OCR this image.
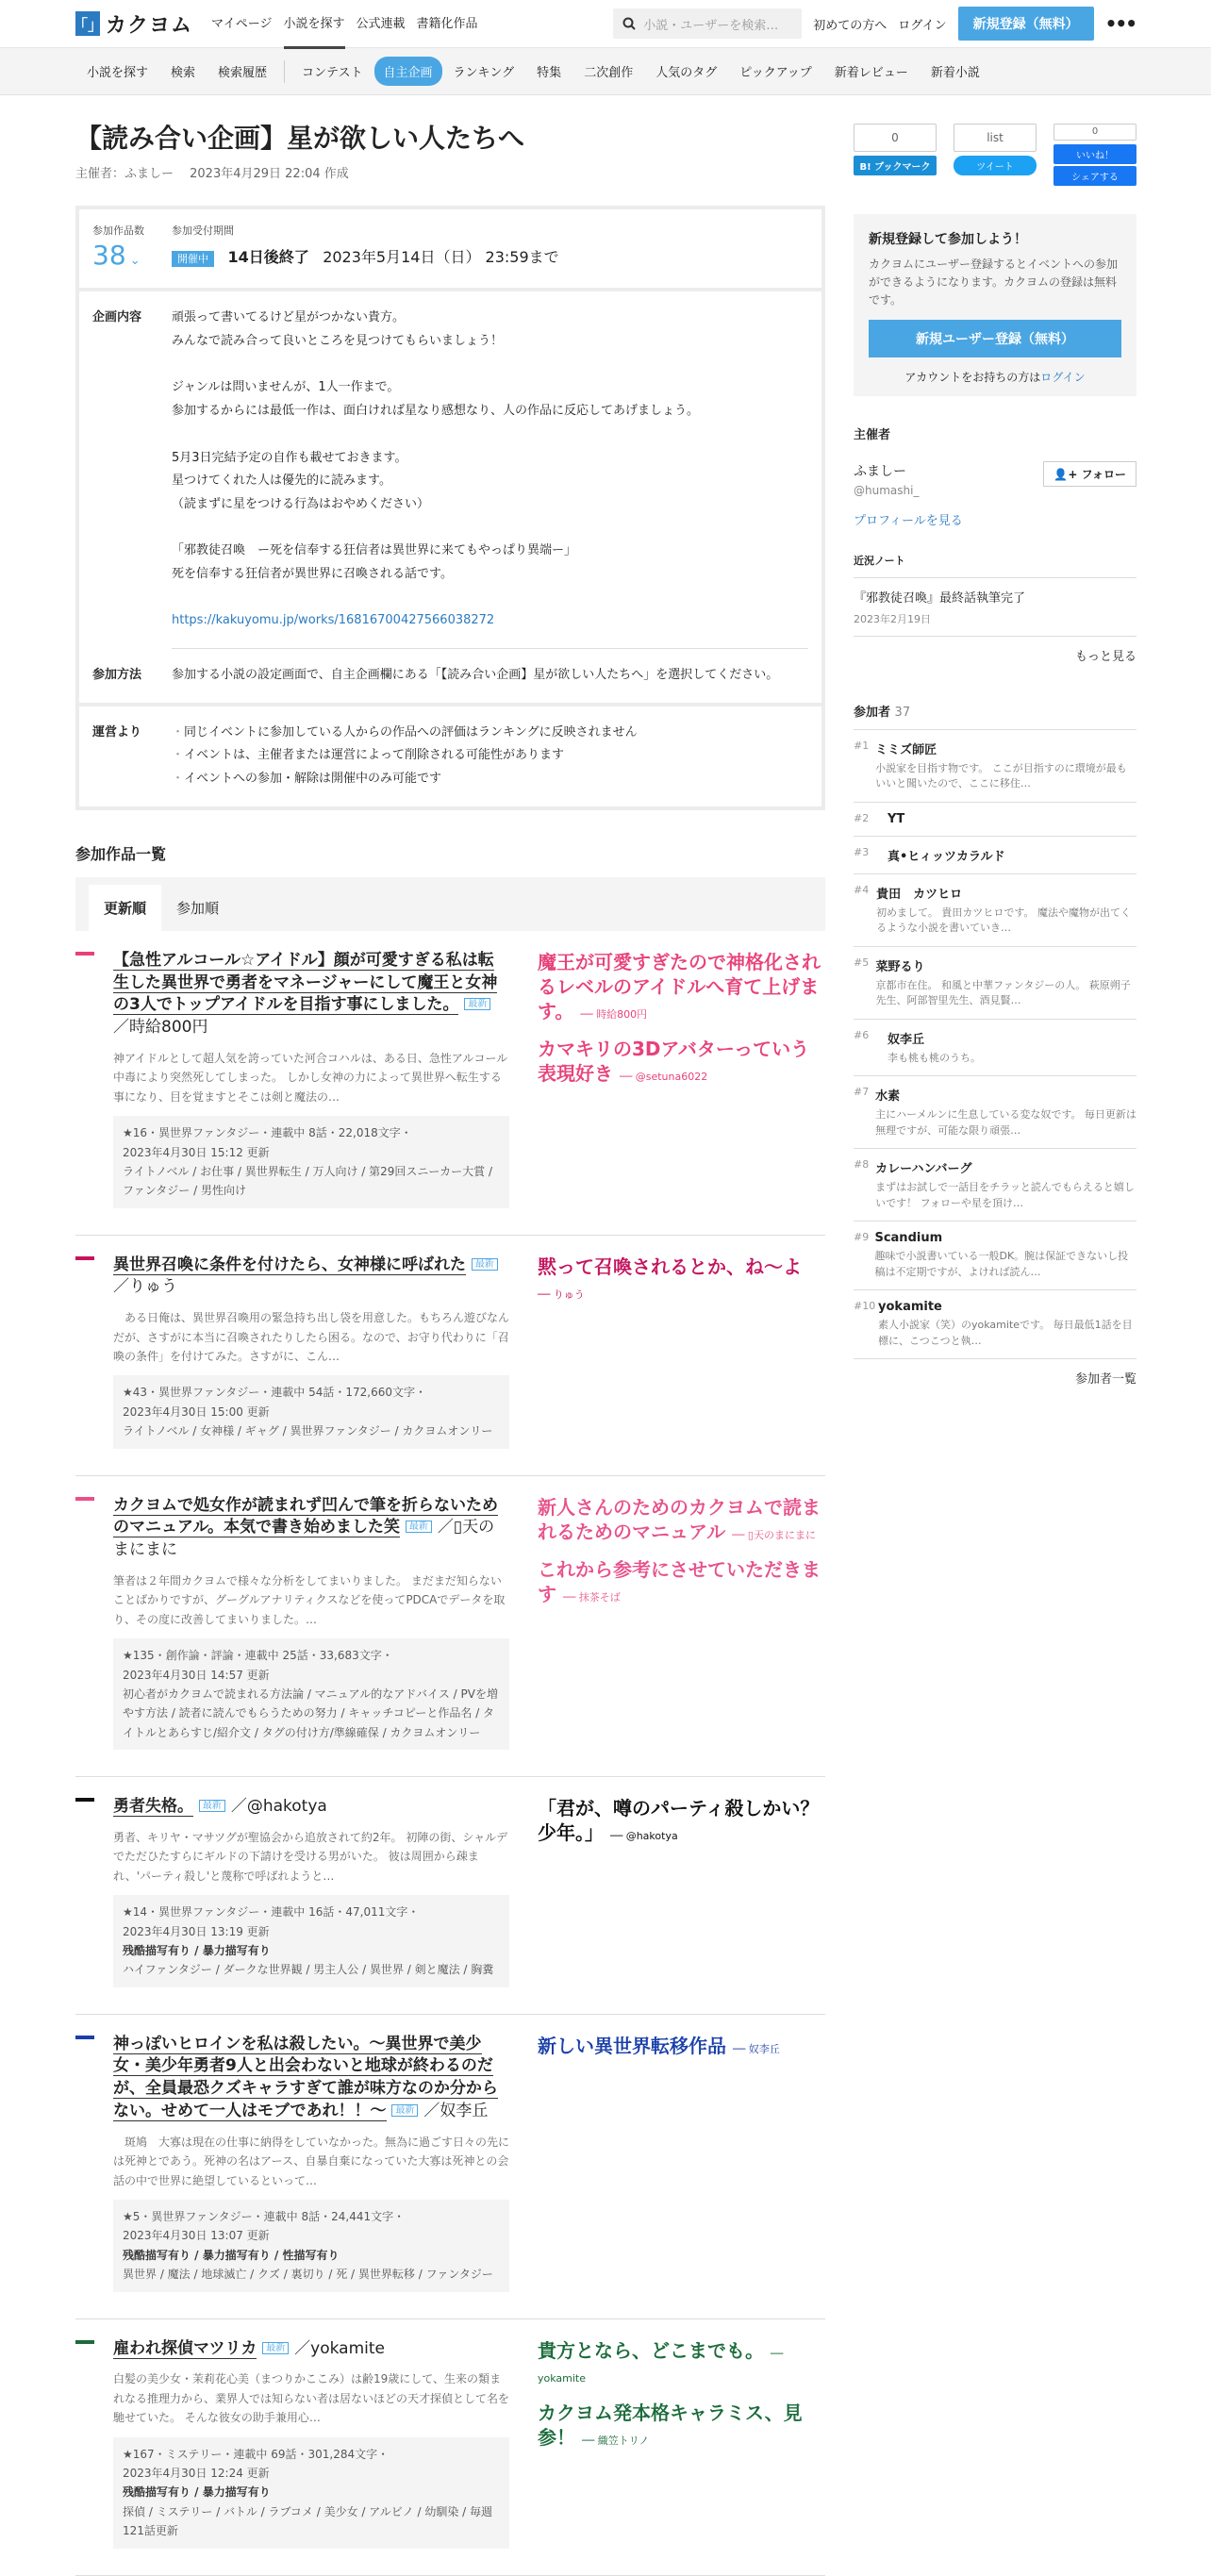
「」 カクヨム マイページ 小説を探す 公式連載 書籍化作品	小説・ユーザーを検索…	初めての方へ ログイン	新規登録（無料）	•••
小説を探す	検索	検索履歴	コンテスト	自主企画	ランキング	特集	二次創作	人気のタグ	ピックアップ	新着レビュー	新着小説
【読み合い企画】星が欲しい人たちへ
主催者：ふましー　 2023年4月29日 22:04 作成
参加作品数
38 ⌄
参加受付期間
開催中 14日後終了 2023年5月14日（日） 23:59まで
企画内容	頑張って書いてるけど星がつかない貴方。
みんなで読み合って良いところを見つけてもらいましょう！

ジャンルは問いませんが、1人一作まで。
参加するからには最低一作は、面白ければ星なり感想なり、人の作品に反応してあげましょう。

5月3日完結予定の自作も載せておきます。
星つけてくれた人は優先的に読みます。
（読まずに星をつける行為はおやめください）

「邪教徒召喚　ー死を信奉する狂信者は異世界に来てもやっぱり異端ー」
死を信奉する狂信者が異世界に召喚される話です。

https://kakuyomu.jp/works/16816700427566038272
参加方法	参加する小説の設定画面で、自主企画欄にある「【読み合い企画】星が欲しい人たちへ」を選択してください。
運営より
・	同じイベントに参加している人からの作品への評価はランキングに反映されません
・ イベントは、主催者または運営によって削除される可能性があります
・ イベントへの参加・解除は開催中のみ可能です
参加作品一覧
更新順	参加順
【急性アルコール☆アイドル】顔が可愛すぎる私は転生した異世界で勇者をマネージャーにして魔王と女神の3人でトップアイドルを目指す事にしました。 最新 ／時給800円
神アイドルとして超人気を誇っていた河合コハルは、ある日、急性アルコール中毒により突然死してしまった。 しかし女神の力によって異世界へ転生する事になり、目を覚ますとそこは剣と魔法の…
★16・異世界ファンタジー・連載中 8話・22,018文字・
2023年4月30日 15:12 更新
ライトノベル / お仕事 / 異世界転生 / 万人向け / 第29回スニーカー大賞 / ファンタジー / 男性向け
魔王が可愛すぎたので神格化されるレベルのアイドルへ育て上げます。 ── 時給800円
カマキリの3Dアバターっていう表現好き ── @setuna6022
異世界召喚に条件を付けたら、女神様に呼ばれた 最新 ／りゅう
　ある日俺は、異世界召喚用の緊急持ち出し袋を用意した。もちろん遊びなんだが、さすがに本当に召喚されたりしたら困る。なので、お守り代わりに「召喚の条件」を付けてみた。さすがに、こん…
★43・異世界ファンタジー・連載中 54話・172,660文字・
2023年4月30日 15:00 更新
ライトノベル / 女神様 / ギャグ / 異世界ファンタジー / カクヨムオンリー
黙って召喚されるとか、ね～よ ── りゅう
カクヨムで処女作が読まれず凹んで筆を折らないためのマニュアル。本気で書き始めました笑 最新 ／▯天のまにまに
筆者は２年間カクヨムで様々な分析をしてまいりました。 まだまだ知らないことばかりですが、グーグルアナリティクスなどを使ってPDCAでデータを取り、その度に改善してまいりました。…
★135・創作論・評論・連載中 25話・33,683文字・
2023年4月30日 14:57 更新
初心者がカクヨムで読まれる方法論 / マニュアル的なアドバイス / PVを増やす方法 / 読者に読んでもらうための努力 / キャッチコピーと作品名 / タイトルとあらすじ/紹介文 / タグの付け方/準線確保 / カクヨムオンリー
新人さんのためのカクヨムで読まれるためのマニュアル ── ▯天のまにまに
これから参考にさせていただきます ── 抹茶そば
勇者失格。 最新 ／@hakotya
勇者、キリヤ・マサツグが聖協会から追放されて約2年。 初陣の街、シャルデでただひたすらにギルドの下請けを受ける男がいた。 彼は周囲から疎まれ、'パーティ殺し'と蔑称で呼ばれようと…
★14・異世界ファンタジー・連載中 16話・47,011文字・
2023年4月30日 13:19 更新
残酷描写有り / 暴力描写有り
ハイファンタジー / ダークな世界観 / 男主人公 / 異世界 / 剣と魔法 / 胸糞
「君が、噂のパーティ殺しかい？少年。」 ── @hakotya
神っぽいヒロインを私は殺したい。～異世界で美少女・美少年勇者9人と出会わないと地球が終わるのだが、全員最恐クズキャラすぎて誰が味方なのか分からない。せめて一人はモブであれ！！～ 最新 ／奴李丘
　斑鳩　大寡は現在の仕事に納得をしていなかった。無為に過ごす日々の先には死神とであう。死神の名はアース、自暴自棄になっていた大寡は死神との会話の中で世界に絶望しているといって…
★5・異世界ファンタジー・連載中 8話・24,441文字・
2023年4月30日 13:07 更新
残酷描写有り / 暴力描写有り / 性描写有り
異世界 / 魔法 / 地球滅亡 / クズ / 裏切り / 死 / 異世界転移 / ファンタジー
新しい異世界転移作品 ── 奴李丘
雇われ探偵マツリカ 最新 ／yokamite
白髪の美少女・茉莉花心美（まつりかここみ）は齢19歳にして、生来の類まれなる推理力から、業界人では知らない者は居ないほどの天才探偵として名を馳せていた。 そんな彼女の助手兼用心…
★167・ミステリー・連載中 69話・301,284文字・
2023年4月30日 12:24 更新
残酷描写有り / 暴力描写有り
探偵 / ミステリー / バトル / ラブコメ / 美少女 / アルビノ / 幼馴染 / 毎週121話更新
貴方となら、どこまでも。 ── yokamite
カクヨム発本格キャラミス、見参！ ── 織笠トリノ
0
B! ブックマーク
list
ツイート
0
いいね！
シェアする
新規登録して参加しよう！

カクヨムにユーザー登録するとイベントへの参加ができるようになります。カクヨムの登録は無料です。

新規ユーザー登録（無料）
アカウントをお持ちの方はログイン
主催者
ふましー
@humashi_
👤+ フォロー
プロフィールを見る
近況ノート
『邪教徒召喚』最終話執筆完了
2023年2月19日
もっと見る
参加者 37
#1 ミミズ師匠
小説家を目指す物です。 ここが目指すのに環境が最もいいと聞いたので、ここに移住…
#2	YT
#3	真•ヒィッツカラルド
#4 貴田　カツヒロ
初めまして。 貴田カツヒロです。 魔法や魔物が出てくるような小説を書いていき…
#5 菜野るり
京都市在住。 和風と中華ファンタジーの人。 萩原朔子先生、阿部智里先生、酒見賢…
#6	奴李丘
李も桃も桃のうち。
#7 水素
主にハーメルンに生息している変な奴です。 毎日更新は無理ですが、可能な限り頑張…
#8 カレーハンバーグ
まずはお試しで一話目をチラッと読んでもらえると嬉しいです！ フォローや星を頂け…
#9 Scandium
趣味で小説書いている一般DK。腕は保証できないし投稿は不定期ですが、よければ読ん…
#10 yokamite
素人小説家（笑）のyokamiteです。 毎日最低1話を目標に、こつこつと執…
参加者一覧
